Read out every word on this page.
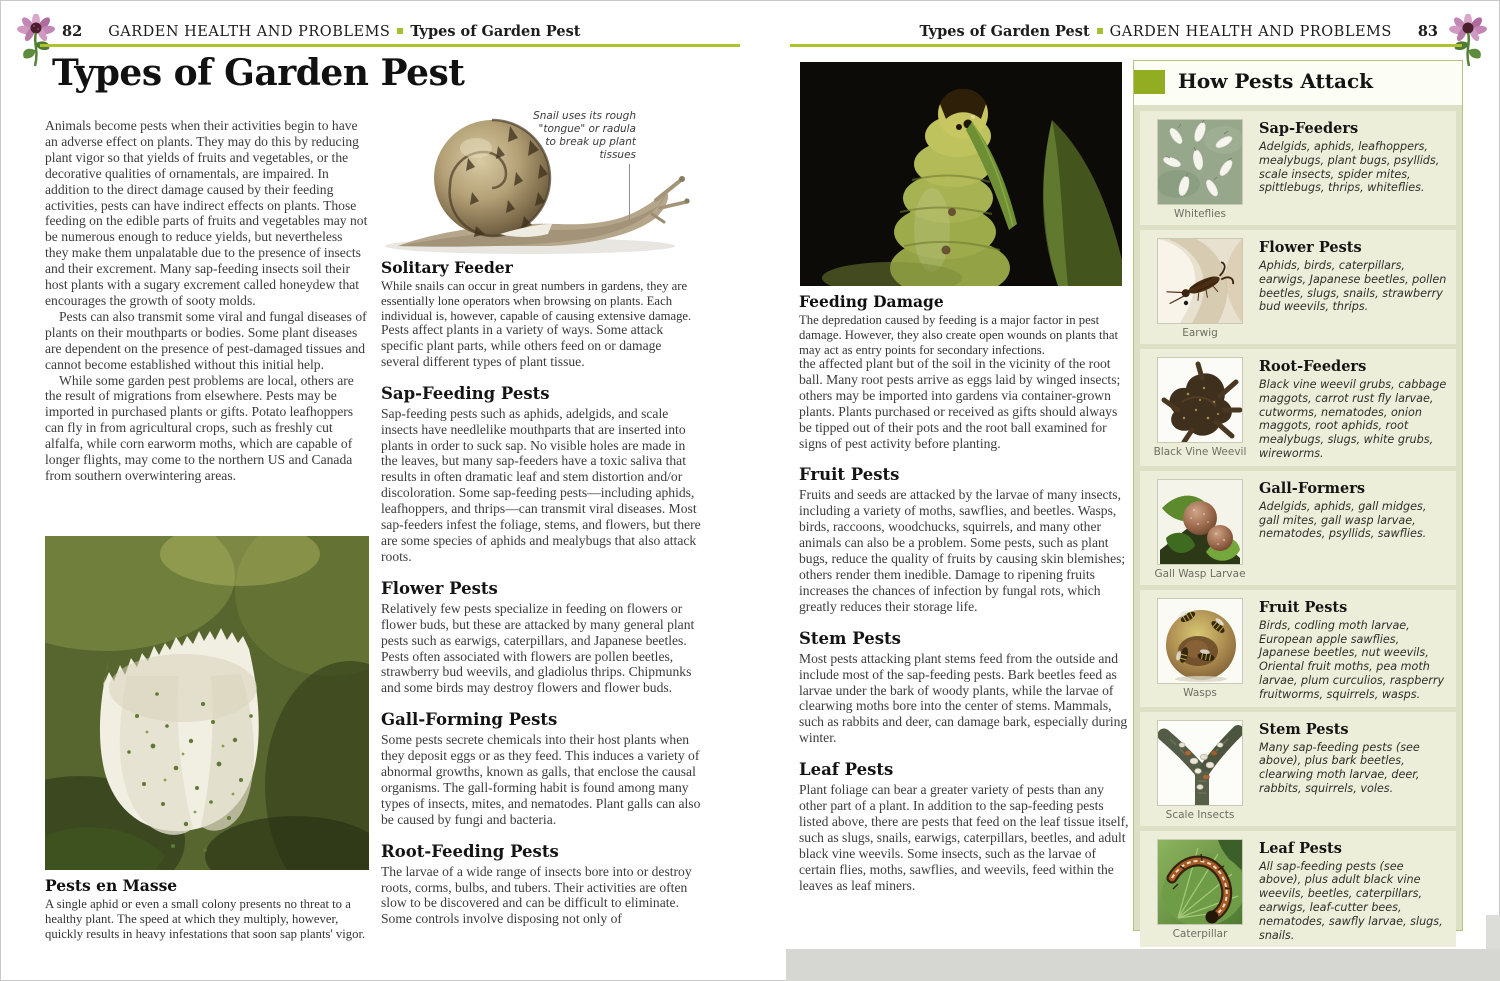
82 GARDEN HEALTH AND PROBLEMS Types of Garden Pest
Types of Garden Pest

Animals become pests when their activities begin to have an adverse effect on plants. They may do this by reducing plant vigor so that yields of fruits and vegetables, or the decorative qualities of ornamentals, are impaired. In addition to the direct damage caused by their feeding activities, pests can have indirect effects on plants. Those feeding on the edible parts of fruits and vegetables may not be numerous enough to reduce yields, but nevertheless they make them unpalatable due to the presence of insects and their excrement. Many sap-feeding insects soil their host plants with a sugary excrement called honeydew that encourages the growth of sooty molds.

Pests can also transmit some viral and fungal diseases of plants on their mouthparts or bodies. Some plant diseases are dependent on the presence of pest-damaged tissues and cannot become established without this initial help.

While some garden pest problems are local, others are the result of migrations from elsewhere. Pests may be imported in purchased plants or gifts. Potato leafhoppers can fly in from agricultural crops, such as freshly cut alfalfa, while corn earworm moths, which are capable of longer flights, may come to the northern US and Canada from southern overwintering areas.

Pests en Masse

A single aphid or even a small colony presents no threat to a healthy plant. The speed at which they multiply, however, quickly results in heavy infestations that soon sap plants' vigor.

Snail uses its rough "tongue" or radula to break up plant tissues
Solitary Feeder

While snails can occur in great numbers in gardens, they are essentially lone operators when browsing on plants. Each individual is, however, capable of causing extensive damage.

Pests affect plants in a variety of ways. Some attack specific plant parts, while others feed on or damage several different types of plant tissue.

Sap-Feeding Pests

Sap-feeding pests such as aphids, adelgids, and scale insects have needlelike mouthparts that are inserted into plants in order to suck sap. No visible holes are made in the leaves, but many sap-feeders have a toxic saliva that results in often dramatic leaf and stem distortion and/or discoloration. Some sap-feeding pests—including aphids, leafhoppers, and thrips—can transmit viral diseases. Most sap-feeders infest the foliage, stems, and flowers, but there are some species of aphids and mealybugs that also attack roots.

Flower Pests

Relatively few pests specialize in feeding on flowers or flower buds, but these are attacked by many general plant pests such as earwigs, caterpillars, and Japanese beetles. Pests often associated with flowers are pollen beetles, strawberry bud weevils, and gladiolus thrips. Chipmunks and some birds may destroy flowers and flower buds.

Gall-Forming Pests

Some pests secrete chemicals into their host plants when they deposit eggs or as they feed. This induces a variety of abnormal growths, known as galls, that enclose the causal organisms. The gall-forming habit is found among many types of insects, mites, and nematodes. Plant galls can also be caused by fungi and bacteria.

Root-Feeding Pests

The larvae of a wide range of insects bore into or destroy roots, corms, bulbs, and tubers. Their activities are often slow to be discovered and can be difficult to eliminate. Some controls involve disposing not only of

Types of Garden Pest GARDEN HEALTH AND PROBLEMS 83
Feeding Damage

The depredation caused by feeding is a major factor in pest damage. However, they also create open wounds on plants that may act as entry points for secondary infections.

the affected plant but of the soil in the vicinity of the root ball. Many root pests arrive as eggs laid by winged insects; others may be imported into gardens via container-grown plants. Plants purchased or received as gifts should always be tipped out of their pots and the root ball examined for signs of pest activity before planting.

Fruit Pests

Fruits and seeds are attacked by the larvae of many insects, including a variety of moths, sawflies, and beetles. Wasps, birds, raccoons, woodchucks, squirrels, and many other animals can also be a problem. Some pests, such as plant bugs, reduce the quality of fruits by causing skin blemishes; others render them inedible. Damage to ripening fruits increases the chances of infection by fungal rots, which greatly reduces their storage life.

Stem Pests

Most pests attacking plant stems feed from the outside and include most of the sap-feeding pests. Bark beetles feed as larvae under the bark of woody plants, while the larvae of clearwing moths bore into the center of stems. Mammals, such as rabbits and deer, can damage bark, especially during winter.

Leaf Pests

Plant foliage can bear a greater variety of pests than any other part of a plant. In addition to the sap-feeding pests listed above, there are pests that feed on the leaf tissue itself, such as slugs, snails, earwigs, caterpillars, beetles, and adult black vine weevils. Some insects, such as the larvae of certain flies, moths, sawflies, and weevils, feed within the leaves as leaf miners.

How Pests Attack
Whiteflies
Sap-Feeders

Adelgids, aphids, leafhoppers, mealybugs, plant bugs, psyllids, scale insects, spider mites, spittlebugs, thrips, whiteflies.

Earwig
Flower Pests

Aphids, birds, caterpillars, earwigs, Japanese beetles, pollen beetles, slugs, snails, strawberry bud weevils, thrips.

Black Vine Weevil
Root-Feeders

Black vine weevil grubs, cabbage maggots, carrot rust fly larvae, cutworms, nematodes, onion maggots, root aphids, root mealybugs, slugs, white grubs, wireworms.

Gall Wasp Larvae
Gall-Formers

Adelgids, aphids, gall midges, gall mites, gall wasp larvae, nematodes, psyllids, sawflies.

Wasps
Fruit Pests

Birds, codling moth larvae, European apple sawflies, Japanese beetles, nut weevils, Oriental fruit moths, pea moth larvae, plum curculios, raspberry fruitworms, squirrels, wasps.

Scale Insects
Stem Pests

Many sap-feeding pests (see above), plus bark beetles, clearwing moth larvae, deer, rabbits, squirrels, voles.

Caterpillar
Leaf Pests

All sap-feeding pests (see above), plus adult black vine weevils, beetles, caterpillars, earwigs, leaf-cutter bees, nematodes, sawfly larvae, slugs, snails.
